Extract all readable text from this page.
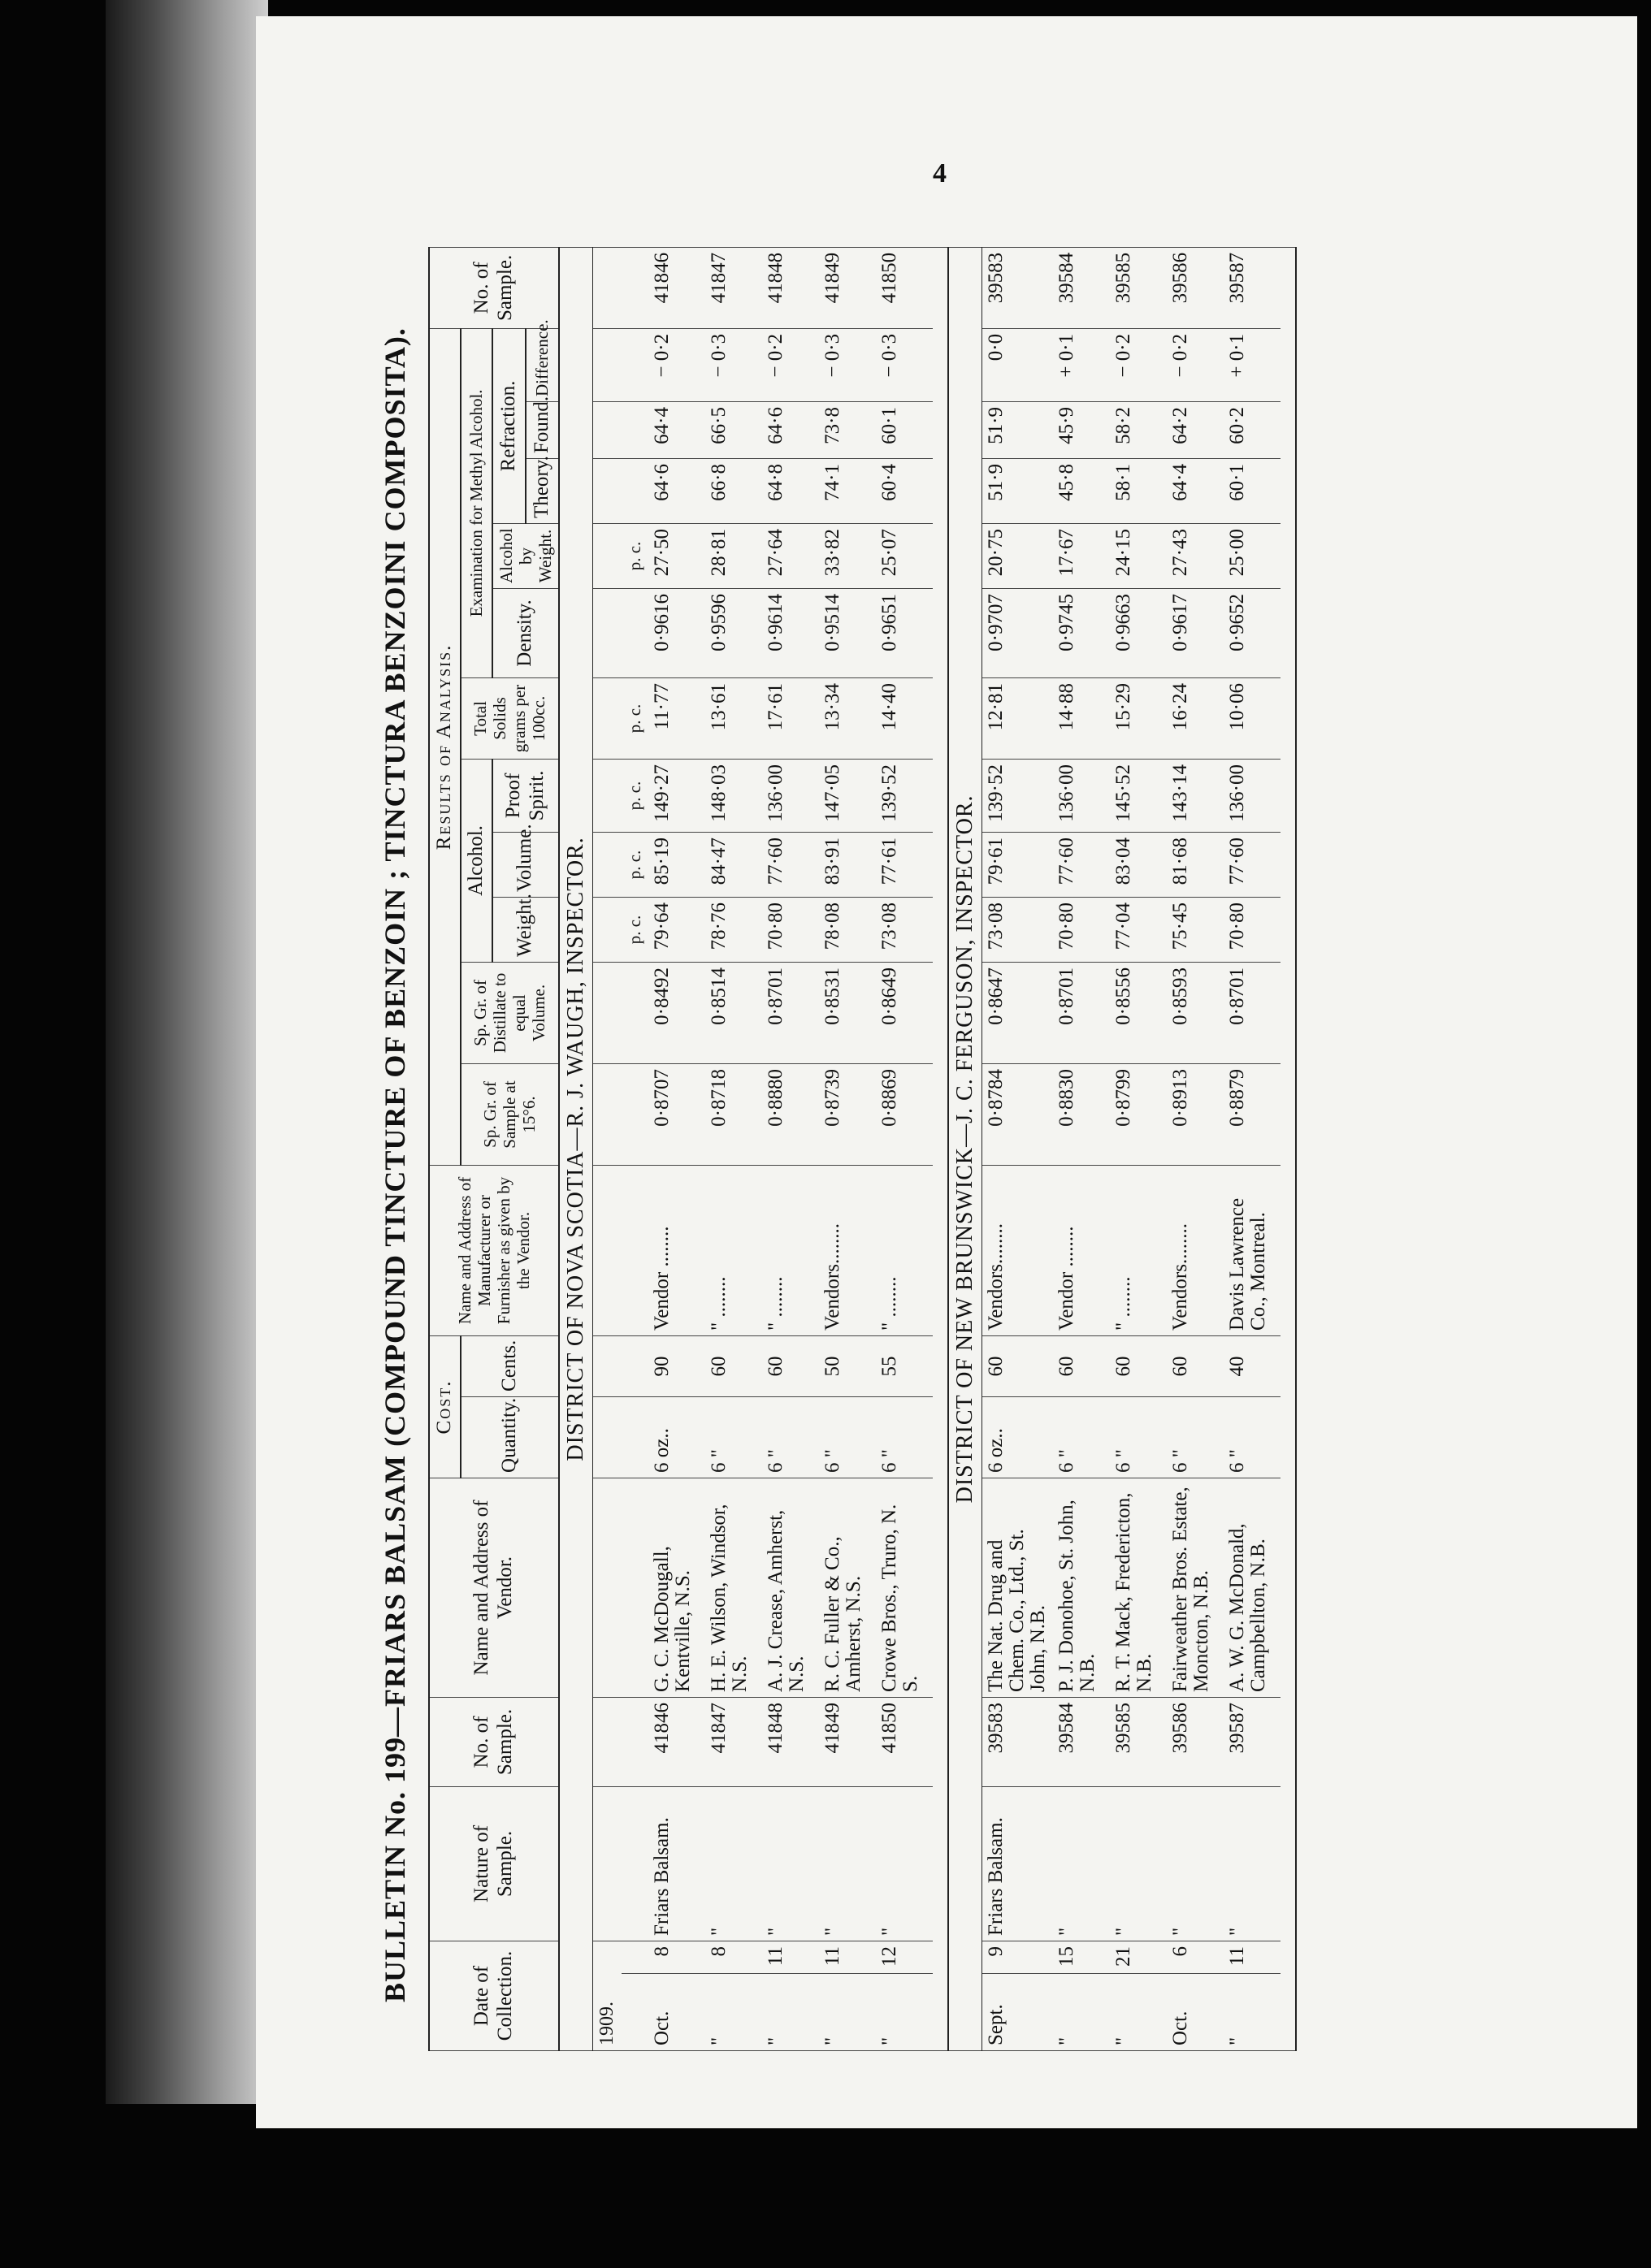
4
BULLETIN No. 199—FRIARS BALSAM (COMPOUND TINCTURE OF BENZOIN ; TINCTURA BENZOINI COMPOSITA).	Date of Collection.		Nature of Sample.	No. of Sample.	Name and Address of Vendor.	Cost.		Name and Address of Manufacturer or Furnisher as given by the Vendor.	Results of Analysis.											No. of Sample.
					Quantity.	Cents.		Sp. Gr. of Sample at 15°6.	Sp. Gr. of Distillate to equal Volume.	Alcohol.			Total Solids grams per 100cc.	Examination for Methyl Alcohol.					
										Weight.	Volume.	Proof Spirit.		Density.	Alcohol by Weight.	Refraction.			
																Theory.	Found.	Difference.	
DISTRICT OF NOVA SCOTIA—R. J. WAUGH, INSPECTOR.																			
1909.																			
										p. c.	p. c.	p. c.	p. c.		p. c.				
Oct.	8	Friars Balsam.	41846	G. C. McDougall, Kentville, N.S.	6 oz..	90	Vendor ........	0·8707	0·8492	79·64	85·19	149·27	11·77	0·9616	27·50	64·6	64·4	− 0·2	41846
"	8	"	41847	H. E. Wilson, Windsor, N.S.	6 "	60	" ........	0·8718	0·8514	78·76	84·47	148·03	13·61	0·9596	28·81	66·8	66·5	− 0·3	41847
"	11	"	41848	A. J. Crease, Amherst, N.S.	6 "	60	" ........	0·8880	0·8701	70·80	77·60	136·00	17·61	0·9614	27·64	64·8	64·6	− 0·2	41848
"	11	"	41849	R. C. Fuller & Co., Amherst, N.S.	6 "	50	Vendors........	0·8739	0·8531	78·08	83·91	147·05	13·34	0·9514	33·82	74·1	73·8	− 0·3	41849
"	12	"	41850	Crowe Bros., Truro, N. S.	6 "	55	" ........	0·8869	0·8649	73·08	77·61	139·52	14·40	0·9651	25·07	60·4	60·1	− 0·3	41850

DISTRICT OF NEW BRUNSWICK—J. C. FERGUSON, INSPECTOR.																			
Sept.	9	Friars Balsam.	39583	The Nat. Drug and Chem. Co., Ltd., St. John, N.B.	6 oz..	60	Vendors........	0·8784	0·8647	73·08	79·61	139·52	12·81	0·9707	20·75	51·9	51·9	0·0	39583
"	15	"	39584	P. J. Donohoe, St. John, N.B.	6 "	60	Vendor ........	0·8830	0·8701	70·80	77·60	136·00	14·88	0·9745	17·67	45·8	45·9	+ 0·1	39584
"	21	"	39585	R. T. Mack, Fredericton, N.B.	6 "	60	" ........	0·8799	0·8556	77·04	83·04	145·52	15·29	0·9663	24·15	58·1	58·2	− 0·2	39585
Oct.	6	"	39586	Fairweather Bros. Estate, Moncton, N.B.	6 "	60	Vendors........	0·8913	0·8593	75·45	81·68	143·14	16·24	0·9617	27·43	64·4	64·2	− 0·2	39586
"	11	"	39587	A. W. G. McDonald, Campbellton, N.B.	6 "	40	Davis Lawrence Co., Montreal.	0·8879	0·8701	70·80	77·60	136·00	10·06	0·9652	25·00	60·1	60·2	+ 0·1	39587
